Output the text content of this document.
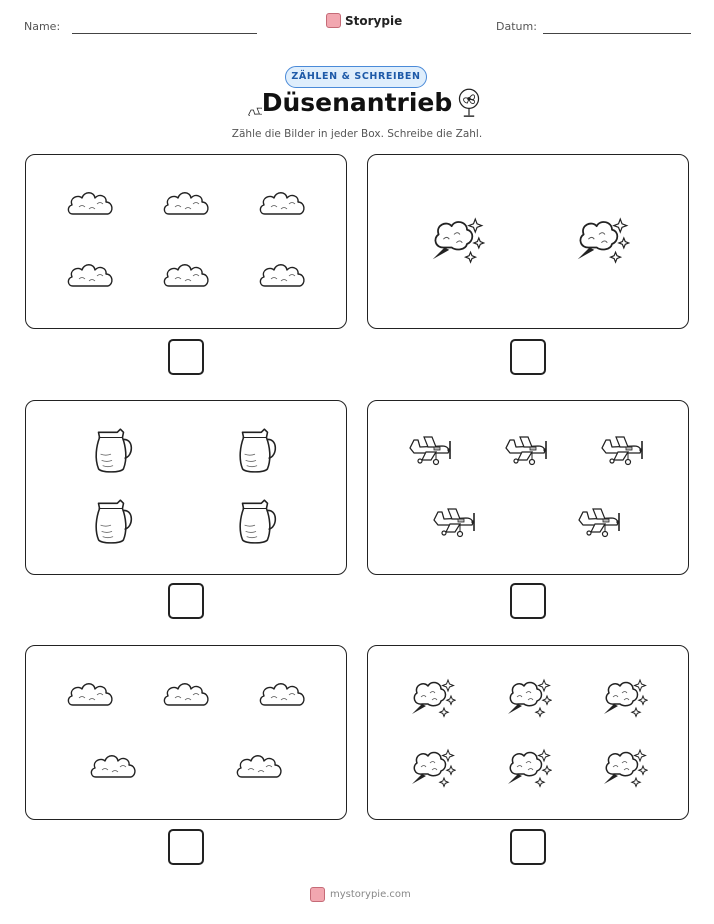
Name:	Storypie	Datum:
ZÄHLEN & SCHREIBEN
Düsenantrieb
Zähle die Bilder in jeder Box. Schreibe die Zahl.
mystorypie.com
